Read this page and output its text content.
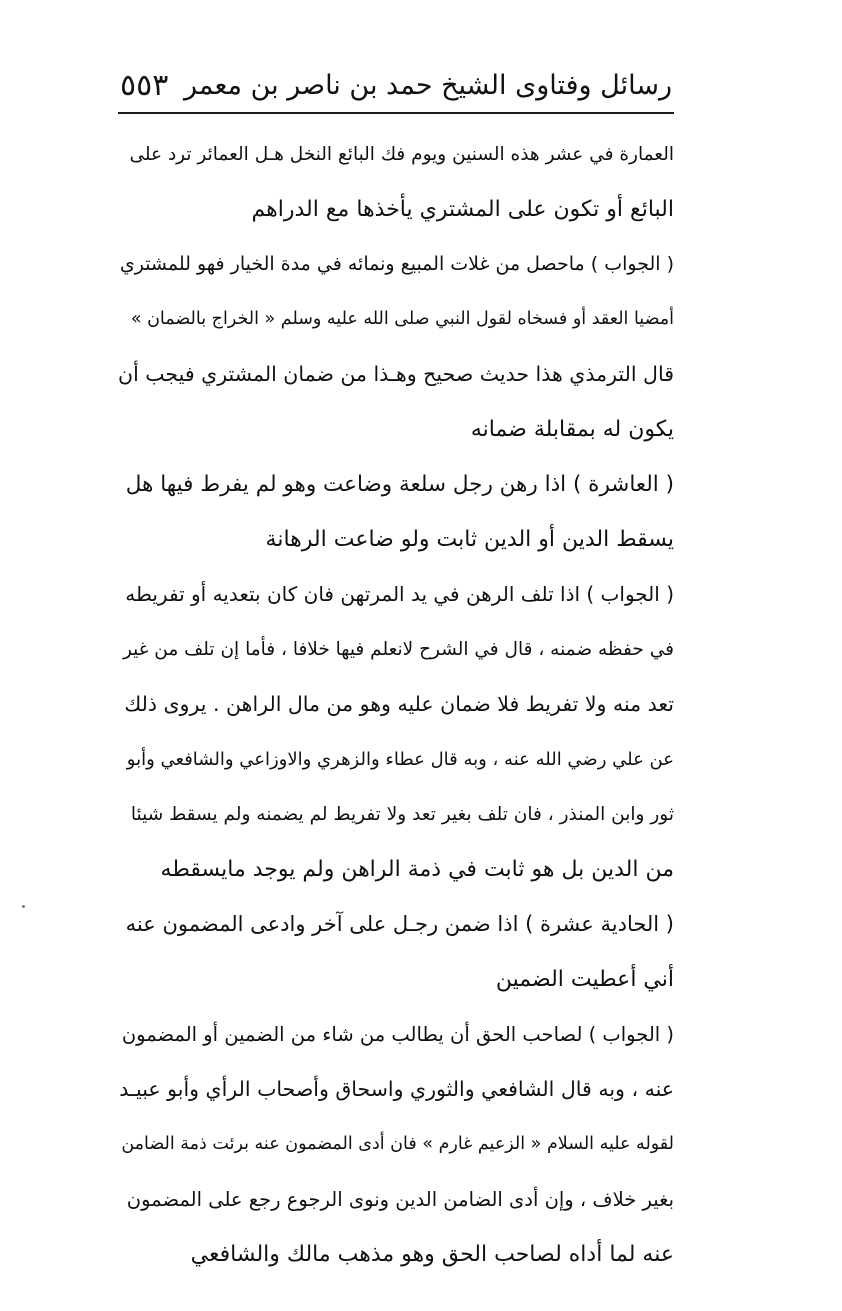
رسائل وفتاوى الشيخ حمد بن ناصر بن معمر
٥٥٣
العمارة في عشر هذه السنين ويوم فك البائع النخل هـل العمائر ترد على
البائع أو تكون على المشتري يأخذها مع الدراهم
( الجواب ) ماحصل من غلات المبيع ونمائه في مدة الخيار فهو للمشتري
أمضيا العقد أو فسخاه لقول النبي صلى الله عليه وسلم « الخراج بالضمان »
قال الترمذي هذا حديث صحيح وهـذا من ضمان المشتري فيجب أن
يكون له بمقابلة ضمانه
( العاشرة ) اذا رهن رجل سلعة وضاعت وهو لم يفرط فيها هل
يسقط الدين أو الدين ثابت ولو ضاعت الرهانة
( الجواب ) اذا تلف الرهن في يد المرتهن فان كان بتعديه أو تفريطه
في حفظه ضمنه ، قال في الشرح لانعلم فيها خلافا ، فأما إن تلف من غير
تعد منه ولا تفريط فلا ضمان عليه وهو من مال الراهن . يروى ذلك
عن علي رضي الله عنه ، وبه قال عطاء والزهري والاوزاعي والشافعي وأبو
ثور وابن المنذر ، فان تلف بغير تعد ولا تفريط لم يضمنه ولم يسقط شيئا
من الدين بل هو ثابت في ذمة الراهن ولم يوجد مايسقطه
( الحادية عشرة ) اذا ضمن رجـل على آخر وادعى المضمون عنه
أني أعطيت الضمين
( الجواب ) لصاحب الحق أن يطالب من شاء من الضمين أو المضمون
عنه ، وبه قال الشافعي والثوري واسحاق وأصحاب الرأي وأبو عبيـد
لقوله عليه السلام « الزعيم غارم » فان أدى المضمون عنه برئت ذمة الضامن
بغير خلاف ، وإن أدى الضامن الدين ونوى الرجوع رجع على المضمون
عنه لما أداه لصاحب الحق وهو مذهب مالك والشافعي
